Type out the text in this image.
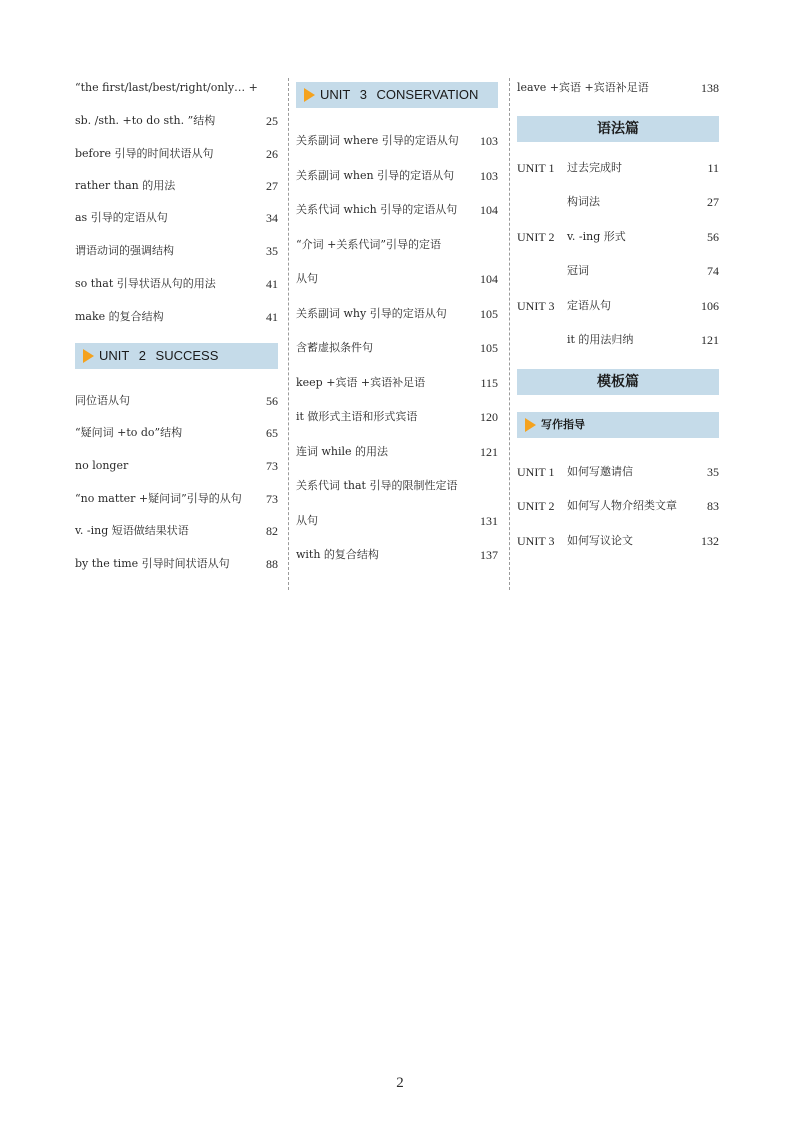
“the first/last/best/right/only… +
sb. /sth. +to do sth. ”结构	25
before 引导的时间状语从句	26
rather than 的用法	27
as 引导的定语从句	34
谓语动词的强调结构	35
so that 引导状语从句的用法	41
make 的复合结构	41
UNIT 2 SUCCESS
同位语从句	56
“疑问词 +to do”结构	65
no longer	73
“no matter +疑问词”引导的从句 73
v. -ing 短语做结果状语	82
by the time 引导时间状语从句	88
UNIT 3 CONSERVATION
关系副词 where 引导的定语从句 103
关系副词 when 引导的定语从句 103
关系代词 which 引导的定语从句 104
“介词 +关系代词”引导的定语
从句	104
关系副词 why 引导的定语从句	105
含蓄虚拟条件句	105
keep +宾语 +宾语补足语	115
it 做形式主语和形式宾语	120
连词 while 的用法	121
关系代词 that 引导的限制性定语
从句	131
with 的复合结构	137
leave +宾语 +宾语补足语	138
语法篇
UNIT 1 过去完成时	11
构词法	27
UNIT 2 v. -ing 形式	56
冠词	74
UNIT 3 定语从句	106
it 的用法归纳	121
模板篇
写作指导
UNIT 1 如何写邀请信	35
UNIT 2 如何写人物介绍类文章	83
UNIT 3 如何写议论文	132
2
